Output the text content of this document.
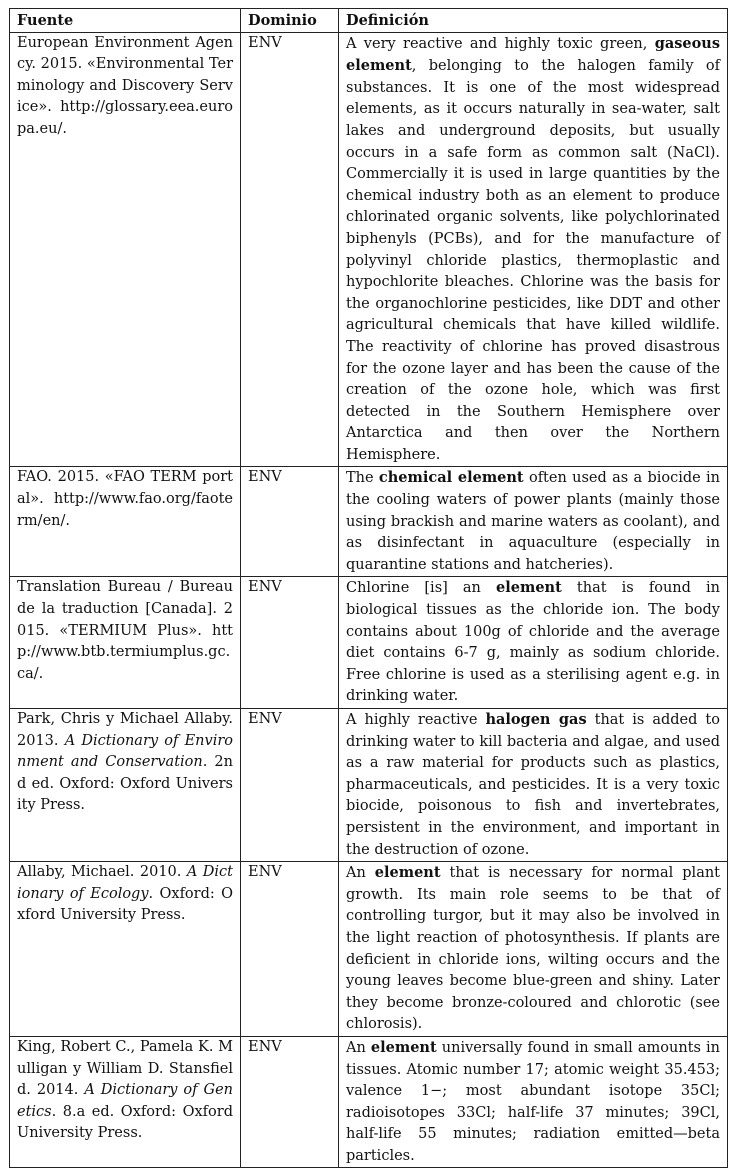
Fuente	Dominio	Definición
European Environment Agency. 2015. «Environmental Terminology and Discovery Service». http://glossary.eea.europa.eu/.	ENV	A very reactive and highly toxic green, gaseous element, belonging to the halogen family of substances. It is one of the most widespread elements, as it occurs naturally in sea-water, salt lakes and underground deposits, but usually occurs in a safe form as common salt (NaCl). Commercially it is used in large quantities by the chemical industry both as an element to produce chlorinated organic solvents, like polychlorinated biphenyls (PCBs), and for the manufacture of polyvinyl chloride plastics, thermoplastic and hypochlorite bleaches. Chlorine was the basis for the organochlorine pesticides, like DDT and other agricultural chemicals that have killed wildlife. The reactivity of chlorine has proved disastrous for the ozone layer and has been the cause of the creation of the ozone hole, which was first detected in the Southern Hemisphere over Antarctica and then over the Northern Hemisphere.
FAO. 2015. «FAO TERM portal». http://www.fao.org/faoterm/en/.	ENV	The chemical element often used as a biocide in the cooling waters of power plants (mainly those using brackish and marine waters as coolant), and as disinfectant in aquaculture (especially in quarantine stations and hatcheries).
Translation Bureau / Bureau de la traduction [Canada]. 2015. «TERMIUM Plus». http://www.btb.termiumplus.gc.ca/.	ENV	Chlorine [is] an element that is found in biological tissues as the chloride ion. The body contains about 100g of chloride and the average diet contains 6-7 g, mainly as sodium chloride. Free chlorine is used as a sterilising agent e.g. in drinking water.
Park, Chris y Michael Allaby. 2013. A Dictionary of Environment and Conservation. 2nd ed. Oxford: Oxford University Press.	ENV	A highly reactive halogen gas that is added to drinking water to kill bacteria and algae, and used as a raw material for products such as plastics, pharmaceuticals, and pesticides. It is a very toxic biocide, poisonous to fish and invertebrates, persistent in the environment, and important in the destruction of ozone.
Allaby, Michael. 2010. A Dictionary of Ecology. Oxford: Oxford University Press.	ENV	An element that is necessary for normal plant growth. Its main role seems to be that of controlling turgor, but it may also be involved in the light reaction of photosynthesis. If plants are deficient in chloride ions, wilting occurs and the young leaves become blue-green and shiny. Later they become bronze-coloured and chlorotic (see chlorosis).
King, Robert C., Pamela K. Mulligan y William D. Stansfield. 2014. A Dictionary of Genetics. 8.a ed. Oxford: Oxford University Press.	ENV	An element universally found in small amounts in tissues. Atomic number 17; atomic weight 35.453; valence 1−; most abundant isotope 35Cl; radioisotopes 33Cl; half-life 37 minutes; 39Cl, half-life 55 minutes; radiation emitted—beta particles.
